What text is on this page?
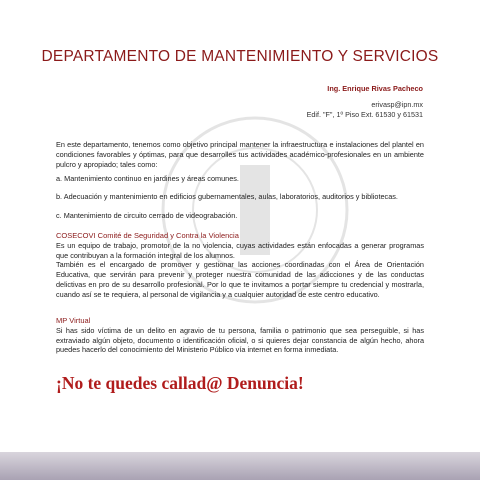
DEPARTAMENTO DE MANTENIMIENTO Y SERVICIOS
Ing. Enrique Rivas Pacheco
erivasp@ipn.mx
Edif. "F", 1º Piso Ext. 61530 y 61531
En este departamento, tenemos como objetivo principal mantener la infraestructura e instalaciones del plantel en condiciones favorables y óptimas, para que desarrolles tus actividades académico-profesionales en un ambiente pulcro y apropiado; tales como:

a. Mantenimiento continuo en jardines y áreas comunes.

b. Adecuación y mantenimiento en edificios gubernamentales, aulas, laboratorios, auditorios y bibliotecas.

c. Mantenimiento de circuito cerrado de videograbación.

COSECOVI Comité de Seguridad y Contra la Violencia
Es un equipo de trabajo, promotor de la no violencia, cuyas actividades están enfocadas a generar programas que contribuyan a la formación integral de los alumnos.
También es el encargado de promover y gestionar las acciones coordinadas con el Área de Orientación Educativa, que servirán para prevenir y proteger nuestra comunidad de las adicciones y de las conductas delictivas en pro de su desarrollo profesional. Por lo que te invitamos a portar siempre tu credencial y mostrarla, cuando así se te requiera, al personal de vigilancia y a cualquier autoridad de este centro educativo.
MP Virtual
Si has sido víctima de un delito en agravio de tu persona, familia o patrimonio que sea perseguible, si has extraviado algún objeto, documento o identificación oficial, o si quieres dejar constancia de algún hecho, ahora puedes hacerlo del conocimiento del Ministerio Público vía internet en forma inmediata.
¡No te quedes callad@ Denuncia!
